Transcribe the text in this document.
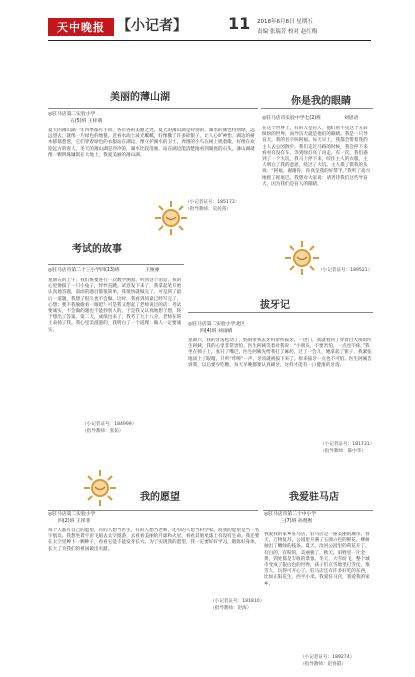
天中晚报 【小记者】	11 2018年6月8日 星期五
责编 张瑞芳 校对 赵红梅
美丽的薄山湖
◎驻马店第二实验小学
五(5)班 王梓萌
夏天的薄山湖一年四季都有不同，各有各的美丽之处。夏天的薄山湖是特别的，湖水的颜色特别绿，远远望去，就像一片绿色的地毯。近看水面上波光粼粼，好像撒了许多碎银子，让人心旷神怡。湖边的树木郁郁葱葱，它们穿着绿色的衣服站在湖边，像守护湖水的卫士。周围的小鸟在树上唱着歌，好像在欢迎远方的客人。冬天的薄山湖是冷冷的，湖水比较清澈，站在湖边能清楚地看到湖底的石头。薄山湖就像一颗明珠镶嵌在大地上，我爱美丽的薄山湖。
（小记者证号：185173）
（指导教师：史茜茜）
你是我的眼睛
◎驻马店市实验中学七(2)班	刘思语
在这个世界上，有的人是盲人，他们看不见这个五彩缤纷的世界，而导盲犬就是他们的眼睛。我是一只导盲犬，我的名字叫阿福。每天早上，我都会带着我的主人去公园散步。我们走过马路的时候，我会停下来看看有没有车，等到绿灯亮了再走。有一次，我们遇到了一个大坑，我马上停下来，咬住主人的衣服，主人明白了我的意思，绕过了大坑。主人摸了摸我的头说：“阿福，谢谢你，你真是我的好帮手。”我听了高兴地摇了摇尾巴。我想对大家说：请善待我们这些导盲犬，因为我们是盲人的眼睛。
（小记者证号：189521）
考试的故事
◎驻马店市第二十三小学四(13)班	王俊豪
星期五的上午，我们班要进行一次数学测验。听到这个消息，我的心里像揣了一只小兔子，怦怦直跳。试卷发下来了，我拿起笔开始认真地答题，前面的题目都很简单，我很快就做完了。可是到了最后一道题，我想了很久也不会做。这时，我看到同桌已经写完了，心想：要不我偷偷看一眼吧？可是我又想起了老师说过的话：考试要诚实，不会做的题也不能抄别人的。于是我又认真地想了想，终于想出了答案。第二天，成绩出来了，我考了九十八分，老师在班上表扬了我。我心里美滋滋的，我明白了一个道理：做人一定要诚实。
（小记者证号：184999）
（指导教师：张茹）
拔牙记
◎驻马店第二实验小学北区
四(4)班 刘雨晴
星期六，我的牙齿松动了，妈妈带我去牙科诊所拔牙。一进门，我就看到了穿着白大褂的医生阿姨，我的心里非常害怕。医生阿姨笑着对我说：“小朋友，不要害怕，一点也不疼。”我坐在椅子上，张开了嘴巴，医生阿姨先给我打了麻药，过了一会儿，她拿起了钳子，我紧张地闭上了眼睛，只听“咔嚓”一声，牙齿就被拔下来了。原来拔牙一点也不可怕。医生阿姨告诉我，以后要少吃糖，每天早晚都要认真刷牙，这样才能有一口健康的牙齿。
（小记者证号：181731）
（指导教师：陈中华）
我的愿望
◎驻马店第二实验小学
四(2)班 王彤菲
每个人都有自己的愿望，有的人想当医生，有的人想当老师，还有的人想当科学家。而我的愿望是当一名宇航员。我想坐着宇宙飞船去太空遨游，去看看美丽的月球和火星，看看其他星球上有没有生命。我还要在太空里种下一颗种子，看看它能不能发芽长大。为了实现我的愿望，我一定要好好学习，锻炼好身体，长大了为我们的祖国做出贡献。
（小记者证号：181810）
（指导教师：赵海）
我爱驻马店
◎驻马店市第二十中小学
三(7)班 孙赞煦
我爱我的家乡驻马店，驻马店是一座美丽的城市。春天，万物复苏，公园里开满了五颜六色的鲜花，柳树抽出了嫩绿的枝条。夏天，汝河公园里的荷花开了，有白的，有粉的，美丽极了。秋天，田野里一片金黄，到处都是丰收的景象。冬天，大雪纷飞，整个城市变成了银白色的世界，孩子们在雪地里打雪仗、堆雪人，玩得可开心了。驻马店还有许多好吃的东西，比如正阳花生、西平小米。我爱驻马店，我爱我的家乡。
（小记者证号：189274）
（指导教师：赵春霞）
